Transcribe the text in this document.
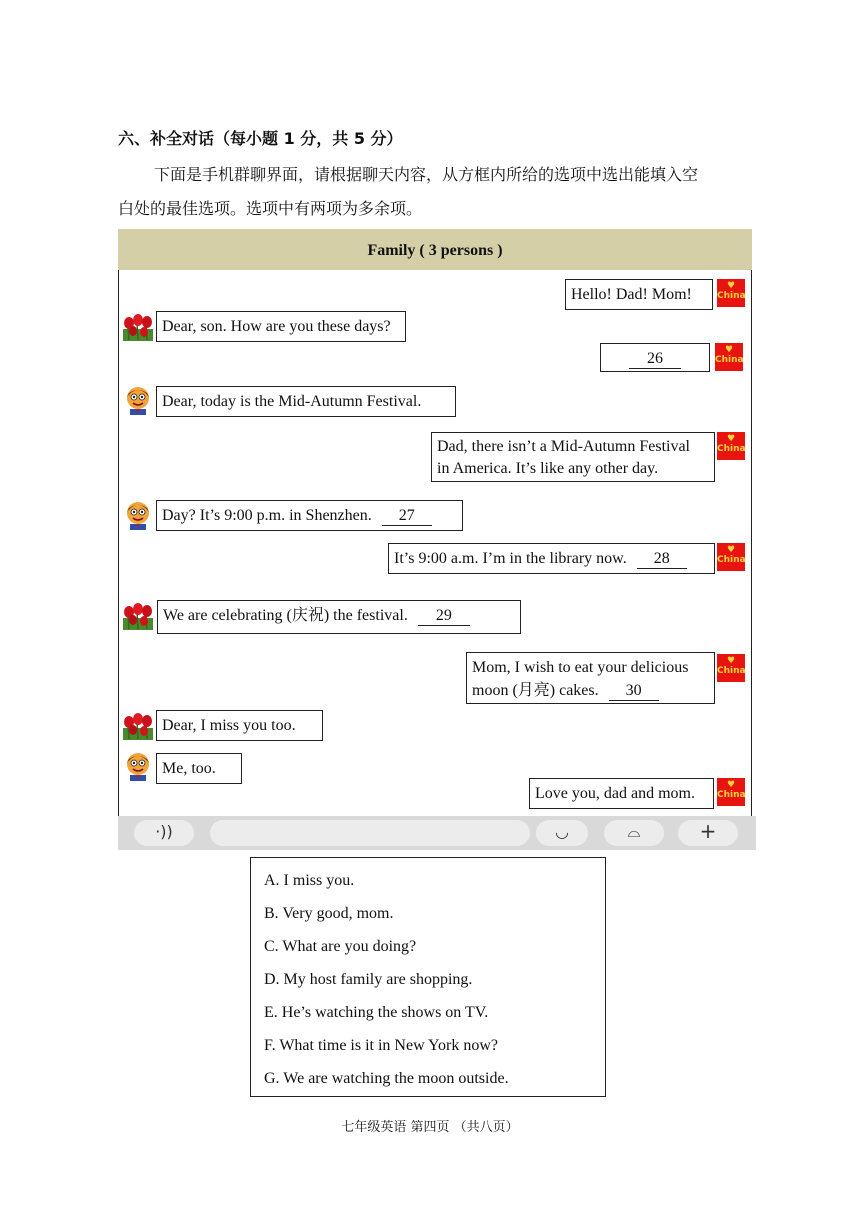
六、补全对话（每小题 1 分，共 5 分）
下面是手机群聊界面，请根据聊天内容，从方框内所给的选项中选出能填入空
白处的最佳选项。选项中有两项为多余项。
Family ( 3 persons )
Hello! Dad! Mom!	♥
China
Dear, son. How are you these days?
26	♥
China
Dear, today is the Mid-Autumn Festival.
Dad, there isn’t a Mid-Autumn Festival
in America. It’s like any other day.
♥
China
Day? It’s 9:00 p.m. in Shenzhen. 27
It’s 9:00 a.m. I’m in the library now. 28	♥
China
We are celebrating (庆祝) the festival. 29
Mom, I wish to eat your delicious
moon (月亮) cakes. 30
♥
China
Dear, I miss you too.
Me, too.
Love you, dad and mom.	♥
China
·))	◡	⌓	+
A. I miss you.
B. Very good, mom.
C. What are you doing?
D. My host family are shopping.
E. He’s watching the shows on TV.
F. What time is it in New York now?
G. We are watching the moon outside.
七年级英语 第四页 （共八页）
